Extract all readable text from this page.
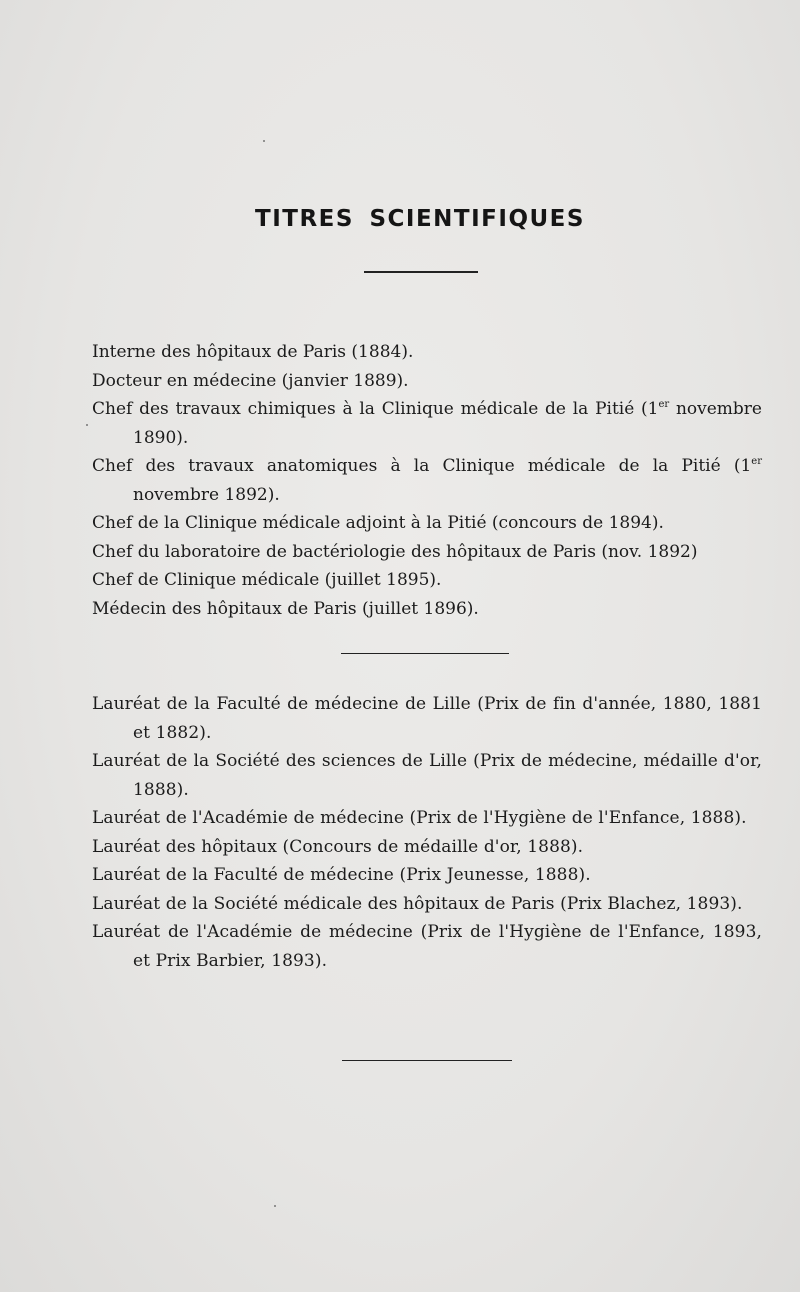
TITRES SCIENTIFIQUES
Interne des hôpitaux de Paris (1884).
Docteur en médecine (janvier 1889).
Chef des travaux chimiques à la Clinique médicale de la Pitié (1er novembre 1890).
Chef des travaux anatomiques à la Clinique médicale de la Pitié (1er novembre 1892).
Chef de la Clinique médicale adjoint à la Pitié (concours de 1894).
Chef du laboratoire de bactériologie des hôpitaux de Paris (nov. 1892)
Chef de Clinique médicale (juillet 1895).
Médecin des hôpitaux de Paris (juillet 1896).
Lauréat de la Faculté de médecine de Lille (Prix de fin d'année, 1880, 1881 et 1882).
Lauréat de la Société des sciences de Lille (Prix de médecine, médaille d'or, 1888).
Lauréat de l'Académie de médecine (Prix de l'Hygiène de l'Enfance, 1888).
Lauréat des hôpitaux (Concours de médaille d'or, 1888).
Lauréat de la Faculté de médecine (Prix Jeunesse, 1888).
Lauréat de la Société médicale des hôpitaux de Paris (Prix Blachez, 1893).
Lauréat de l'Académie de médecine (Prix de l'Hygiène de l'Enfance, 1893, et Prix Barbier, 1893).
